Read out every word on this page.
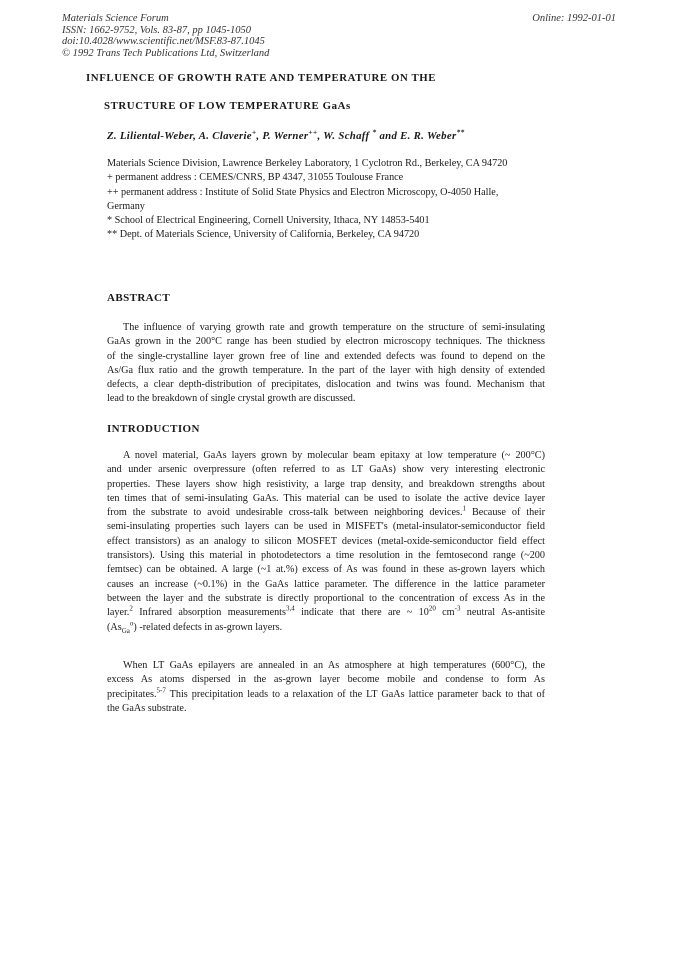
Materials Science Forum
ISSN: 1662-9752, Vols. 83-87, pp 1045-1050
doi:10.4028/www.scientific.net/MSF.83-87.1045
© 1992 Trans Tech Publications Ltd, Switzerland
Online: 1992-01-01
INFLUENCE OF GROWTH RATE AND TEMPERATURE ON THE
STRUCTURE OF LOW TEMPERATURE GaAs
Z. Liliental-Weber, A. Claverie+, P. Werner++, W. Schaff * and E. R. Weber**
Materials Science Division, Lawrence Berkeley Laboratory, 1 Cyclotron Rd., Berkeley, CA 94720
+ permanent address : CEMES/CNRS, BP 4347, 31055 Toulouse France
++ permanent address : Institute of Solid State Physics and Electron Microscopy, O-4050 Halle,
Germany
* School of Electrical Engineering, Cornell University, Ithaca, NY 14853-5401
** Dept. of Materials Science, University of California, Berkeley, CA 94720
ABSTRACT
The influence of varying growth rate and growth temperature on the structure of semi-insulating
GaAs grown in the 200°C range has been studied by electron microscopy techniques. The thickness
of the single-crystalline layer grown free of line and extended defects was found to depend on the
As/Ga flux ratio and the growth temperature. In the part of the layer with high density of extended
defects, a clear depth-distribution of precipitates, dislocation and twins was found. Mechanism that
lead to the breakdown of single crystal growth are discussed.
INTRODUCTION
A novel material, GaAs layers grown by molecular beam epitaxy at low temperature (~ 200°C)
and under arsenic overpressure (often referred to as LT GaAs) show very interesting electronic
properties. These layers show high resistivity, a large trap density, and breakdown strengths about
ten times that of semi-insulating GaAs. This material can be used to isolate the active device layer
from the substrate to avoid undesirable cross-talk between neighboring devices.$^1$ Because of their
semi-insulating properties such layers can be used in MISFET's (metal-insulator-semiconductor field
effect transistors) as an analogy to silicon MOSFET devices (metal-oxide-semiconductor field effect
transistors). Using this material in photodetectors a time resolution in the femtosecond range (~200
femtsec) can be obtained. A large (~1 at.%) excess of As was found in these as-grown layers which
causes an increase (~0.1%) in the GaAs lattice parameter. The difference in the lattice parameter
between the layer and the substrate is directly proportional to the concentration of excess As in the
layer.$^2$ Infrared absorption measurements$^{3,4}$ indicate that there are ~ $10^{20}$ $cm^{-3}$ neutral As-antisite
$(As_{Ga}^o)$ -related defects in as-grown layers.
When LT GaAs epilayers are annealed in an As atmosphere at high temperatures (600°C), the
excess As atoms dispersed in the as-grown layer become mobile and condense to form As
precipitates.$^{5-7}$ This precipitation leads to a relaxation of the LT GaAs lattice parameter back to that of
the GaAs substrate.
